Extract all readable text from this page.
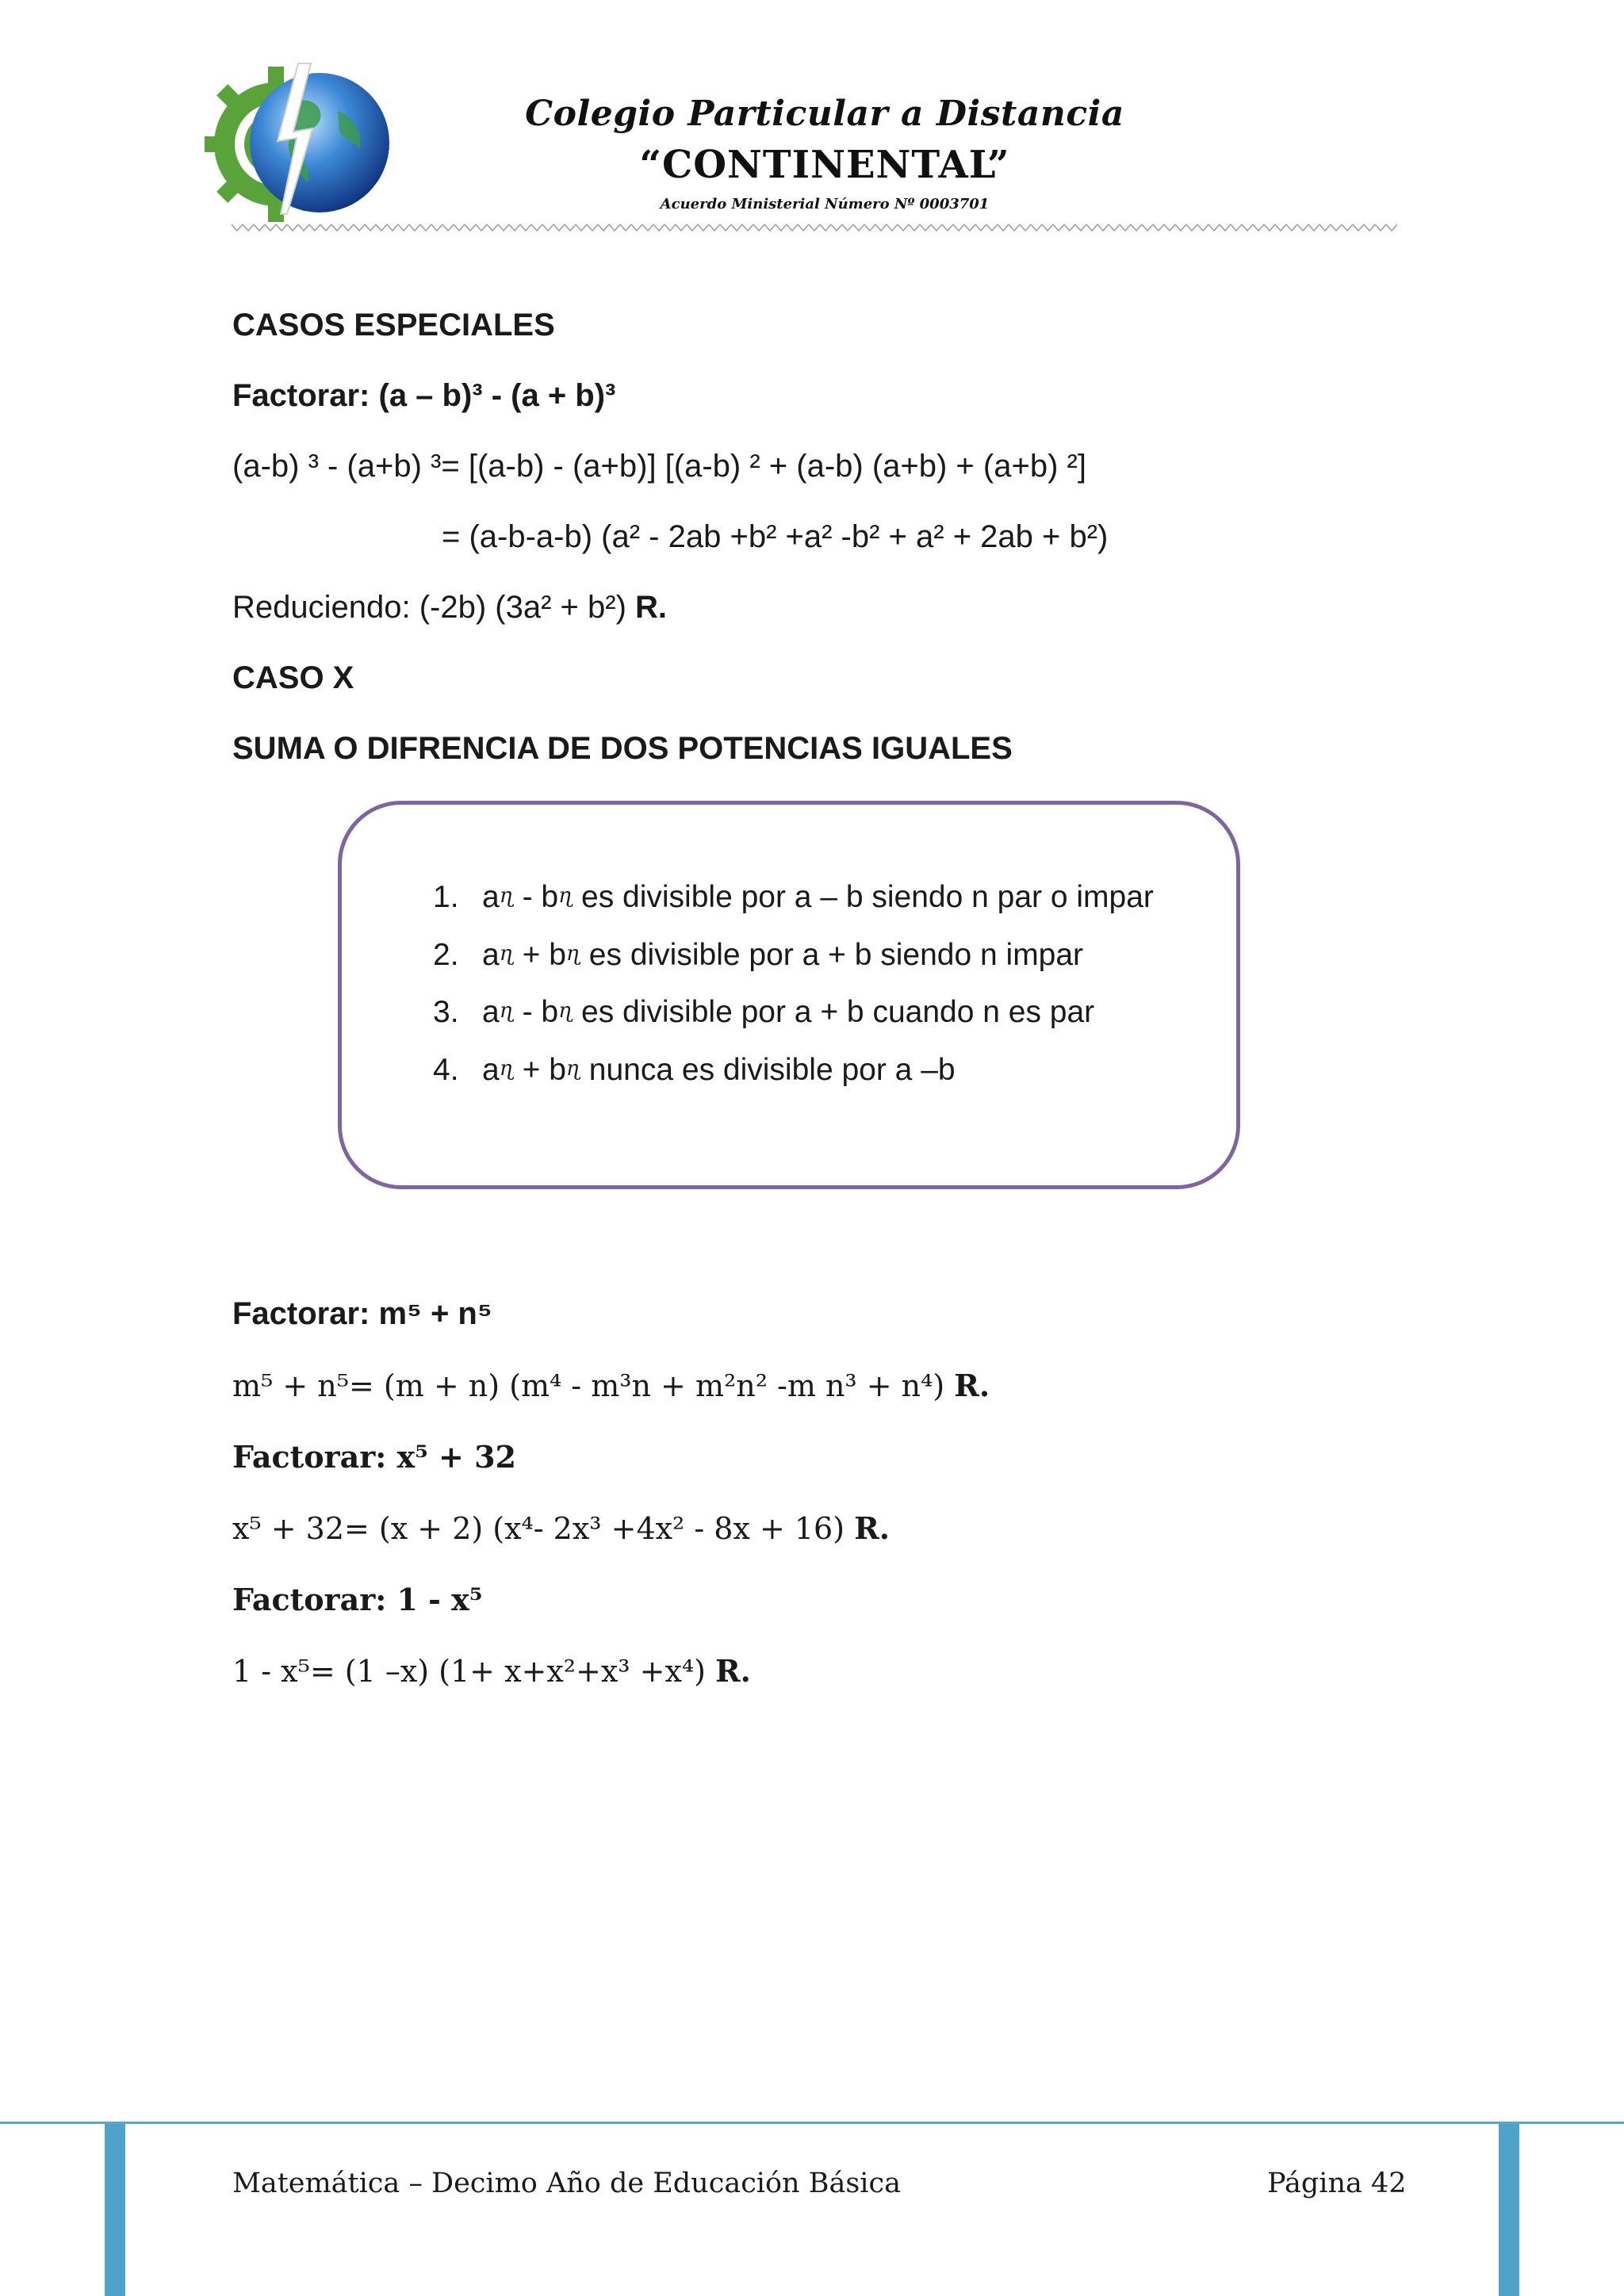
Colegio Particular a Distancia
“CONTINENTAL”
Acuerdo Ministerial Número Nº 0003701
CASOS ESPECIALES
Factorar: (a – b)³ - (a + b)³
(a-b) ³ - (a+b) ³= [(a-b) - (a+b)] [(a-b) ² + (a-b) (a+b) + (a+b) ²]
= (a-b-a-b) (a² - 2ab +b² +a² -b² + a² + 2ab + b²)
Reduciendo: (-2b) (3a² + b²) R.
CASO X
SUMA O DIFRENCIA DE DOS POTENCIAS IGUALES
1. aɳ - bɳ es divisible por a – b siendo n par o impar
2. aɳ + bɳ es divisible por a + b siendo n impar
3. aɳ - bɳ es divisible por a + b cuando n es par
4. aɳ + bɳ nunca es divisible por a –b
Factorar: m⁵ + n⁵
m⁵ + n⁵= (m + n) (m⁴ - m³n + m²n² -m n³ + n⁴) R.
Factorar: x⁵ + 32
x⁵ + 32= (x + 2) (x⁴- 2x³ +4x² - 8x + 16) R.
Factorar: 1 - x⁵
1 - x⁵= (1 –x) (1+ x+x²+x³ +x⁴) R.
Matemática – Decimo Año de Educación Básica	Página 42
